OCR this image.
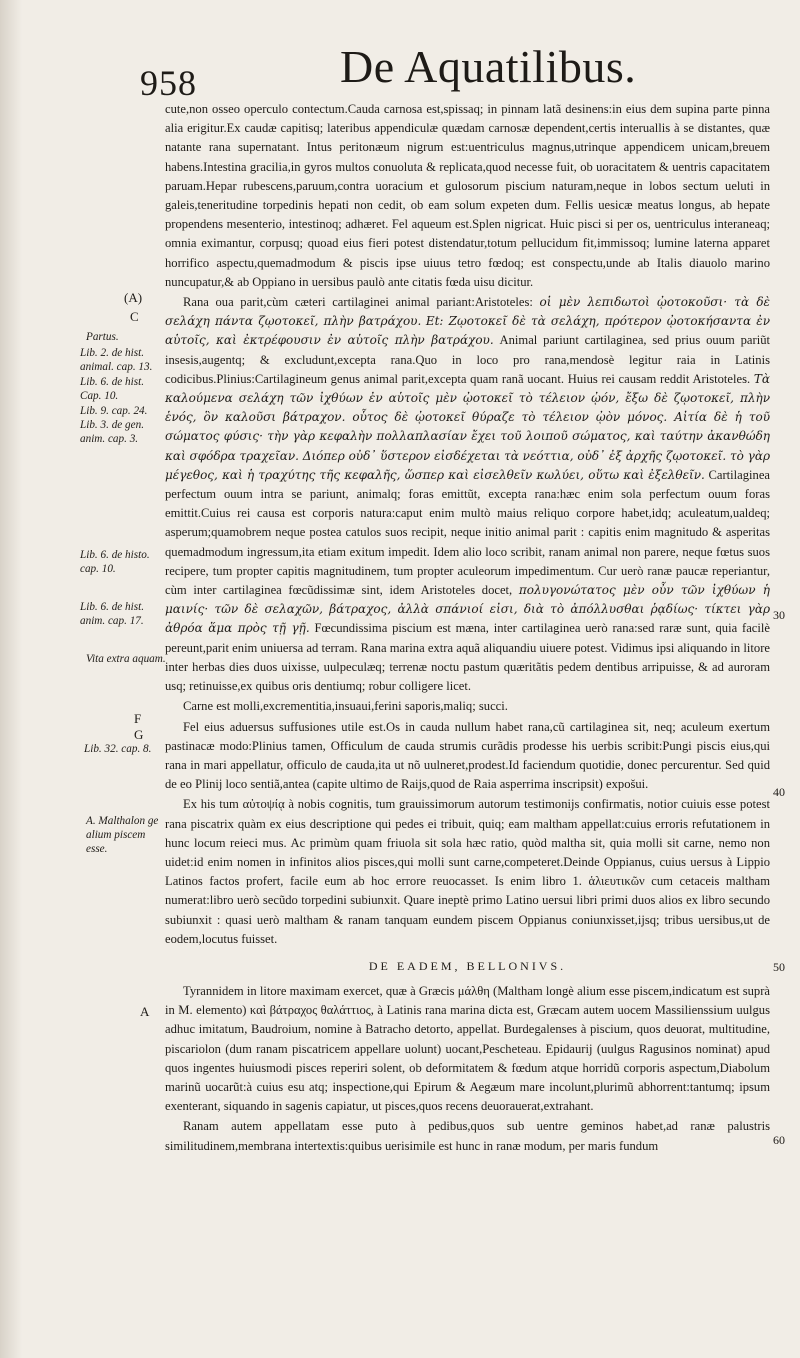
958	De Aquatilibus.
(A)
C
Partus.
Lib. 2. de hist. animal. cap. 13.
Lib. 6. de hist. Cap. 10.
Lib. 9. cap. 24.
Lib. 3. de gen. anim. cap. 3.
Lib. 6. de histo. cap. 10.
Lib. 6. de hist. anim. cap. 17.
Vita extra aquam.
F
G
Lib. 32. cap. 8.
A. Malthalon ge alium piscem esse.
A
30
40
50
60

cute,non osseo operculo contectum.Cauda carnosa est,spissaq; in pinnam latã desinens:in eius dem supina parte pinna alia erigitur.Ex caudæ capitisq; lateribus appendiculæ quædam carnosæ dependent,certis interuallis à se distantes, quæ natante rana supernatant. Intus peritonæum nigrum est:uentriculus magnus,utrinque appendicem unicam,breuem habens.Intestina gracilia,in gyros multos conuoluta & replicata,quod necesse fuit, ob uoracitatem & uentris capacitatem paruam.Hepar rubescens,paruum,contra uoracium et gulosorum piscium naturam,neque in lobos sectum ueluti in galeis,teneritudine torpedinis hepati non cedit, ob eam solum expeten dum. Fellis uesicæ meatus longus, ab hepate propendens mesenterio, intestinoq; adhæret. Fel aqueum est.Splen nigricat. Huic pisci si per os, uentriculus interaneaq; omnia eximantur, corpusq; quoad eius fieri potest distendatur,totum pellucidum fit,immissoq; lumine laterna apparet horrifico aspectu,quemadmodum & piscis ipse uiuus tetro fœdoq; est conspectu,unde ab Italis diauolo marino nuncupatur,& ab Oppiano in uersibus paulò ante citatis fœda uisu dicitur.

Rana oua parit,cùm cæteri cartilaginei animal pariant:Aristoteles: οἱ μὲν λεπιδωτοὶ ᾠοτοκοῦσι· τὰ δὲ σελάχη πάντα ζῳοτοκεῖ, πλὴν βατράχου. Et: Ζῳοτοκεῖ δὲ τὰ σελάχη, πρότερον ᾠοτοκήσαντα ἐν αὑτοῖς, καὶ ἐκτρέφουσιν ἐν αὑτοῖς πλὴν βατράχου. Animal pariunt cartilaginea, sed prius ouum pariũt insesis,augentq; & excludunt,excepta rana.Quo in loco pro rana,mendosè legitur raia in Latinis codicibus.Plinius:Cartilagineum genus animal parit,excepta quam ranã uocant. Huius rei causam reddit Aristoteles. Τὰ καλούμενα σελάχη τῶν ἰχθύων ἐν αὑτοῖς μὲν ᾠοτοκεῖ τὸ τέλειον ᾠόν, ἔξω δὲ ζῳοτοκεῖ, πλὴν ἑνός, ὃν καλοῦσι βάτραχον. οὗτος δὲ ᾠοτοκεῖ θύραζε τὸ τέλειον ᾠὸν μόνος. Αἰτία δὲ ἡ τοῦ σώματος φύσις· τὴν γὰρ κεφαλὴν πολλαπλασίαν ἔχει τοῦ λοιποῦ σώματος, καὶ ταύτην ἀκανθώδη καὶ σφόδρα τραχεῖαν. Διόπερ οὐδ᾽ ὕστερον εἰσδέχεται τὰ νεόττια, οὐδ᾽ ἐξ ἀρχῆς ζῳοτοκεῖ. τὸ γὰρ μέγεθος, καὶ ἡ τραχύτης τῆς κεφαλῆς, ὥσπερ καὶ εἰσελθεῖν κωλύει, οὕτω καὶ ἐξελθεῖν. Cartilaginea perfectum ouum intra se pariunt, animalq; foras emittũt, excepta rana:hæc enim sola perfectum ouum foras emittit.Cuius rei causa est corporis natura:caput enim multò maius reliquo corpore habet,idq; aculeatum,ualdeq; asperum;quamobrem neque postea catulos suos recipit, neque initio animal parit : capitis enim magnitudo & asperitas quemadmodum ingressum,ita etiam exitum impedit. Idem alio loco scribit, ranam animal non parere, neque fœtus suos recipere, tum propter capitis magnitudinem, tum propter aculeorum impedimentum. Cur uerò ranæ paucæ reperiantur, cùm inter cartilaginea fœcũdissimæ sint, idem Aristoteles docet, πολυγονώτατος μὲν οὖν τῶν ἰχθύων ἡ μαινίς· τῶν δὲ σελαχῶν, βάτραχος, ἀλλὰ σπάνιοί εἰσι, διὰ τὸ ἀπόλλυσθαι ῥᾳδίως· τίκτει γὰρ ἀθρόα ἅμα πρὸς τῇ γῇ. Fœcundissima piscium est mæna, inter cartilaginea uerò rana:sed raræ sunt, quia facilè pereunt,parit enim uniuersa ad terram. Rana marina extra aquã aliquandiu uiuere potest. Vidimus ipsi aliquando in litore inter herbas dies duos uixisse, uulpeculæq; terrenæ noctu pastum quæritãtis pedem dentibus arripuisse, & ad auroram usq; retinuisse,ex quibus oris dentiumq; robur colligere licet.

Carne est molli,excrementitia,insuaui,ferini saporis,maliq; succi.

Fel eius aduersus suffusiones utile est.Os in cauda nullum habet rana,cũ cartilaginea sit, neq; aculeum exertum pastinacæ modo:Plinius tamen, Officulum de cauda strumis curãdis prodesse his uerbis scribit:Pungi piscis eius,qui rana in mari appellatur, officulo de cauda,ita ut nõ uulneret,prodest.Id faciendum quotidie, donec percurentur. Sed quid de eo Plinij loco sentiã,antea (capite ultimo de Raijs,quod de Raia asperrima inscripsit) expošui.

Ex his tum αὐτοψίᾳ à nobis cognitis, tum grauissimorum autorum testimonijs confirmatis, notior cuiuis esse potest rana piscatrix quàm ex eius descriptione qui pedes ei tribuit, quiq; eam maltham appellat:cuius erroris refutationem in hunc locum reieci mus. Ac primùm quam friuola sit sola hæc ratio, quòd maltha sit, quia molli sit carne, nemo non uidet:id enim nomen in infinitos alios pisces,qui molli sunt carne,competeret.Deinde Oppianus, cuius uersus à Lippio Latinos factos profert, facile eum ab hoc errore reuocasset. Is enim libro 1. ἁλιευτικῶν cum cetaceis maltham numerat:libro uerò secũdo torpedini subiunxit. Quare ineptè primo Latino uersui libri primi duos alios ex libro secundo subiunxit : quasi uerò maltham & ranam tanquam eundem piscem Oppianus coniunxisset,ijsq; tribus uersibus,ut de eodem,locutus fuisset.

DE EADEM, BELLONIVS.

Tyrannidem in litore maximam exercet, quæ à Græcis μάλθη (Maltham longè alium esse piscem,indicatum est suprà in M. elemento) καὶ βάτραχος θαλάττιος, à Latinis rana marina dicta est, Græcam autem uocem Massilienssium uulgus adhuc imitatum, Baudroium, nomine à Batracho detorto, appellat. Burdegalenses à piscium, quos deuorat, multitudine, piscariolon (dum ranam piscatricem appellare uolunt) uocant,Pescheteau. Epidaurij (uulgus Ragusinos nominat) apud quos ingentes huiusmodi pisces reperiri solent, ob deformitatem & fœdum atque horridũ corporis aspectum,Diabolum marinũ uocarũt:à cuius esu atq; inspectione,qui Epirum & Aegæum mare incolunt,plurimũ abhorrent:tantumq; ipsum exenterant, siquando in sagenis capiatur, ut pisces,quos recens deuorauerat,extrahant.

Ranam autem appellatam esse puto à pedibus,quos sub uentre geminos habet,ad ranæ palustris similitudinem,membrana intertextis:quibus uerisimile est hunc in ranæ modum, per maris fundum
